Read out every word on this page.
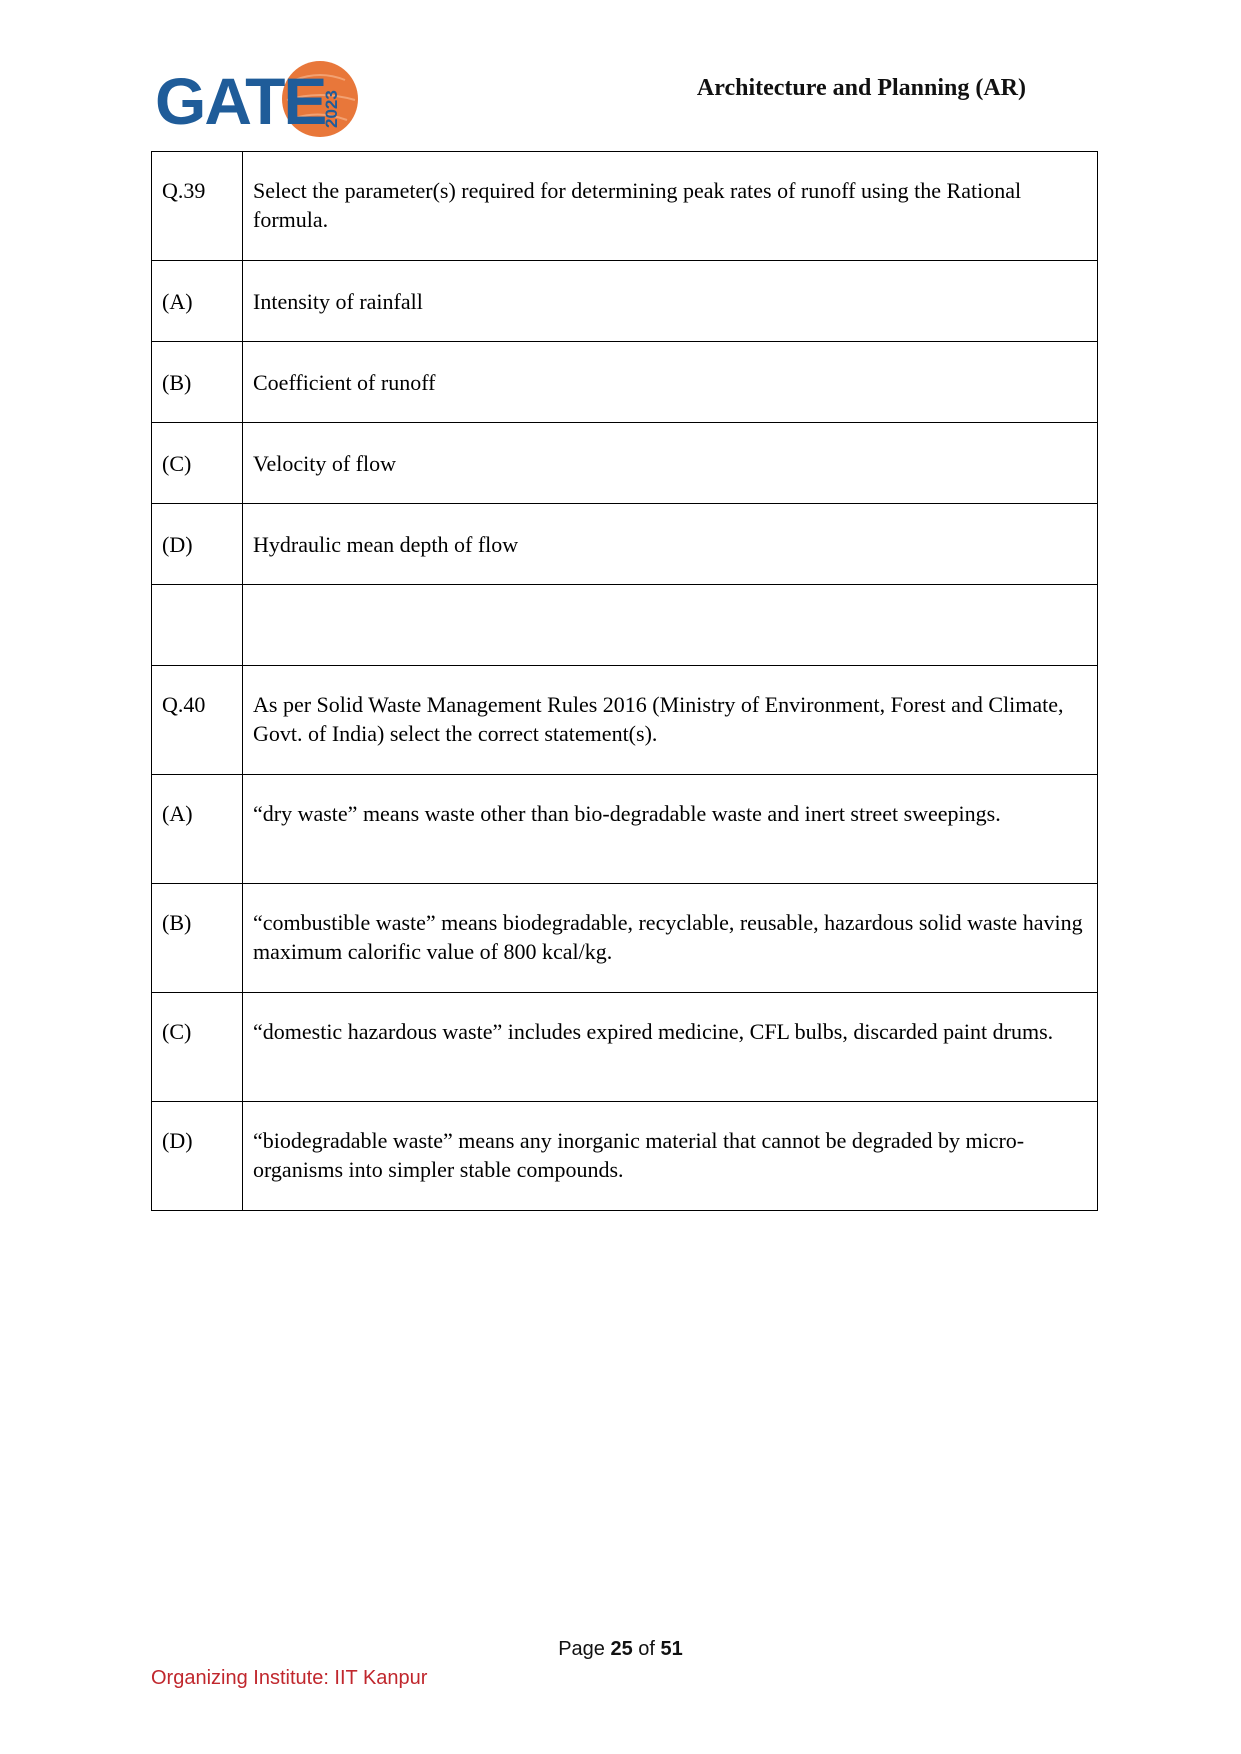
GATE
2023
Architecture and Planning (AR)
Q.39	Select the parameter(s) required for determining peak rates of runoff using the Rational formula.
(A)	Intensity of rainfall
(B)	Coefficient of runoff
(C)	Velocity of flow
(D)	Hydraulic mean depth of flow

Q.40	As per Solid Waste Management Rules 2016 (Ministry of Environment, Forest and Climate, Govt. of India) select the correct statement(s).
(A)	“dry waste” means waste other than bio-degradable waste and inert street sweepings.
(B)	“combustible waste” means biodegradable, recyclable, reusable, hazardous solid waste having maximum calorific value of 800 kcal/kg.
(C)	“domestic hazardous waste” includes expired medicine, CFL bulbs, discarded paint drums.
(D)	“biodegradable waste” means any inorganic material that cannot be degraded by micro-organisms into simpler stable compounds.
Page 25 of 51
Organizing Institute: IIT Kanpur
